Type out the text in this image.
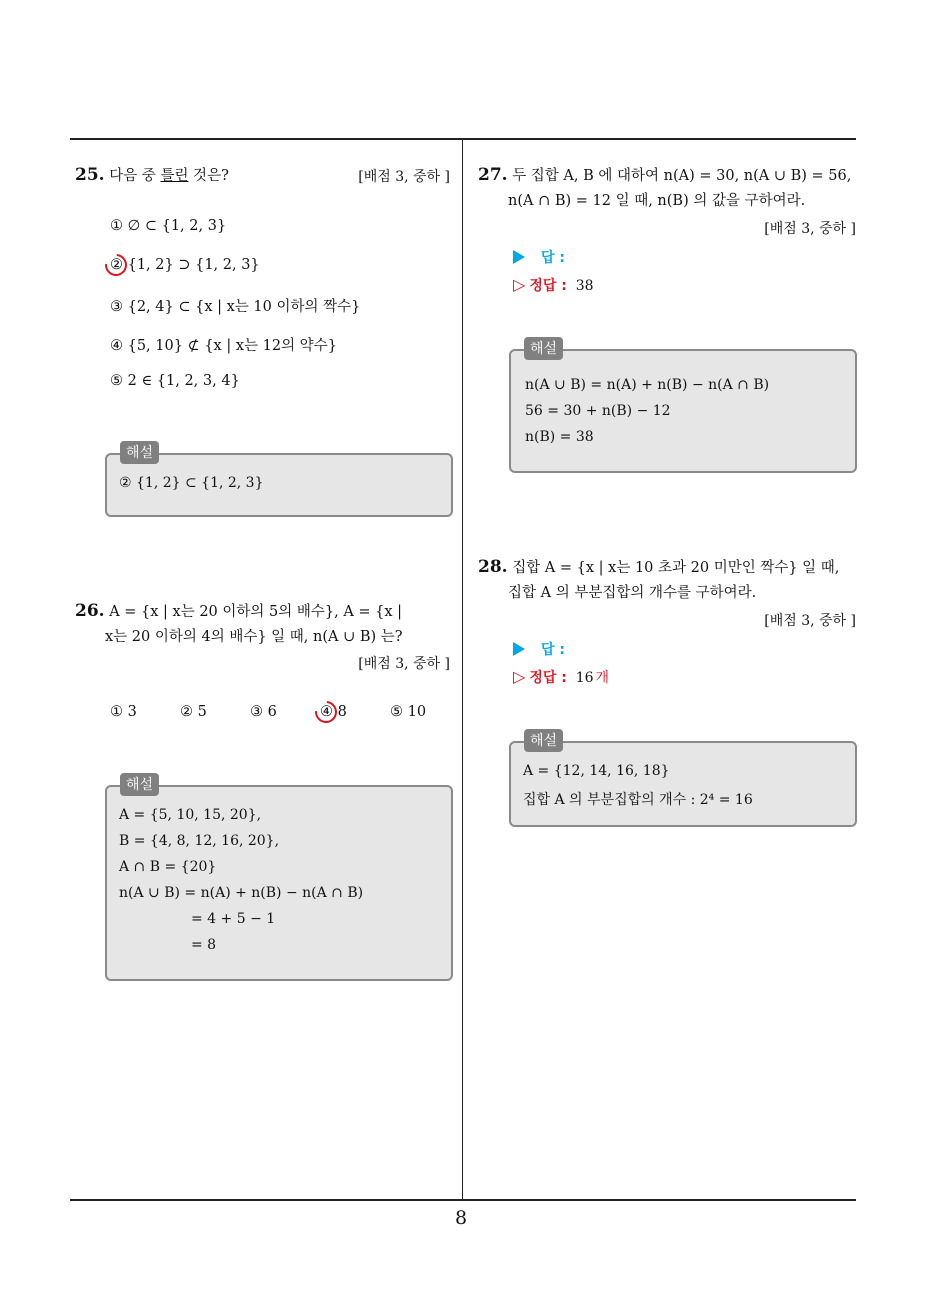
8
25. 다음 중 틀린 것은?	[배점 3, 중하 ]
① ∅ ⊂ {1, 2, 3}
② {1, 2} ⊃ {1, 2, 3}
③ {2, 4} ⊂ {x | x는 10 이하의 짝수}
④ {5, 10} ⊄ {x | x는 12의 약수}
⑤ 2 ∈ {1, 2, 3, 4}
② {1, 2} ⊂ {1, 2, 3}
해설
26. A = {x | x는 20 이하의 5의 배수}, A = {x |
x는 20 이하의 4의 배수} 일 때, n(A ∪ B) 는?
[배점 3, 중하 ]
① 3	② 5	③ 6	④ 8	⑤ 10
A = {5, 10, 15, 20},
B = {4, 8, 12, 16, 20},
A ∩ B = {20}
n(A ∪ B) = n(A) + n(B) − n(A ∩ B)
= 4 + 5 − 1
= 8
해설
27. 두 집합 A, B 에 대하여 n(A) = 30, n(A ∪ B) = 56,
n(A ∩ B) = 12 일 때, n(B) 의 값을 구하여라.
[배점 3, 중하 ]
답 :
▷ 정답 : 38
n(A ∪ B) = n(A) + n(B) − n(A ∩ B)
56 = 30 + n(B) − 12
n(B) = 38
해설
28. 집합 A = {x | x는 10 초과 20 미만인 짝수} 일 때,
집합 A 의 부분집합의 개수를 구하여라.
[배점 3, 중하 ]
답 :
▷ 정답 : 16 개
A = {12, 14, 16, 18}
집합 A 의 부분집합의 개수 : 2⁴ = 16
해설
